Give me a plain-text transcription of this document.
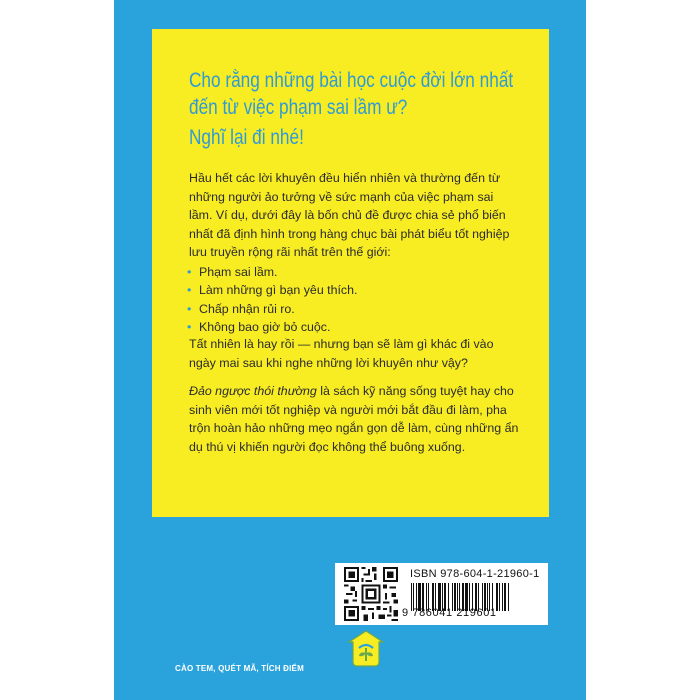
Cho rằng những bài học cuộc đời lớn nhất
đến từ việc phạm sai lầm ư?
Nghĩ lại đi nhé!
Hầu hết các lời khuyên đều hiển nhiên và thường đến từ những người ảo tưởng về sức mạnh của việc phạm sai lầm. Ví dụ, dưới đây là bốn chủ đề được chia sẻ phổ biến nhất đã định hình trong hàng chục bài phát biểu tốt nghiệp lưu truyền rộng rãi nhất trên thế giới:
• Phạm sai lầm.
• Làm những gì bạn yêu thích.
• Chấp nhận rủi ro.
• Không bao giờ bỏ cuộc.
Tất nhiên là hay rồi — nhưng bạn sẽ làm gì khác đi vào ngày mai sau khi nghe những lời khuyên như vậy?
Đảo ngược thói thường là sách kỹ năng sống tuyệt hay cho sinh viên mới tốt nghiệp và người mới bắt đầu đi làm, pha trộn hoàn hảo những mẹo ngắn gọn dễ làm, cùng những ẩn dụ thú vị khiến người đọc không thể buông xuống.
ISBN 978-604-1-21960-1
9 786041 219601
CÀO TEM, QUÉT MÃ, TÍCH ĐIỂM
